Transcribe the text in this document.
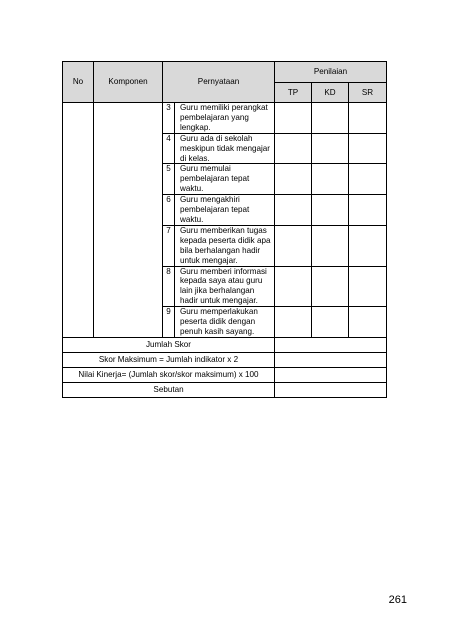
No	Komponen	Pernyataan		Penilaian		
				TP	KD	SR
		3	Guru memiliki perangkat pembelajaran yang lengkap.			
		4	Guru ada di sekolah meskipun tidak mengajar di kelas.			
		5	Guru memulai pembelajaran tepat waktu.			
		6	Guru mengakhiri pembelajaran tepat waktu.			
		7	Guru memberikan tugas kepada peserta didik apa bila berhalangan hadir untuk mengajar.			
		8	Guru memberi informasi kepada saya atau guru lain jika berhalangan hadir untuk mengajar.			
		9	Guru memperlakukan peserta didik dengan penuh kasih sayang.			
Jumlah Skor						
Skor Maksimum = Jumlah indikator x 2						
Nilai Kinerja= (Jumlah skor/skor maksimum) x 100						
Sebutan						
261
